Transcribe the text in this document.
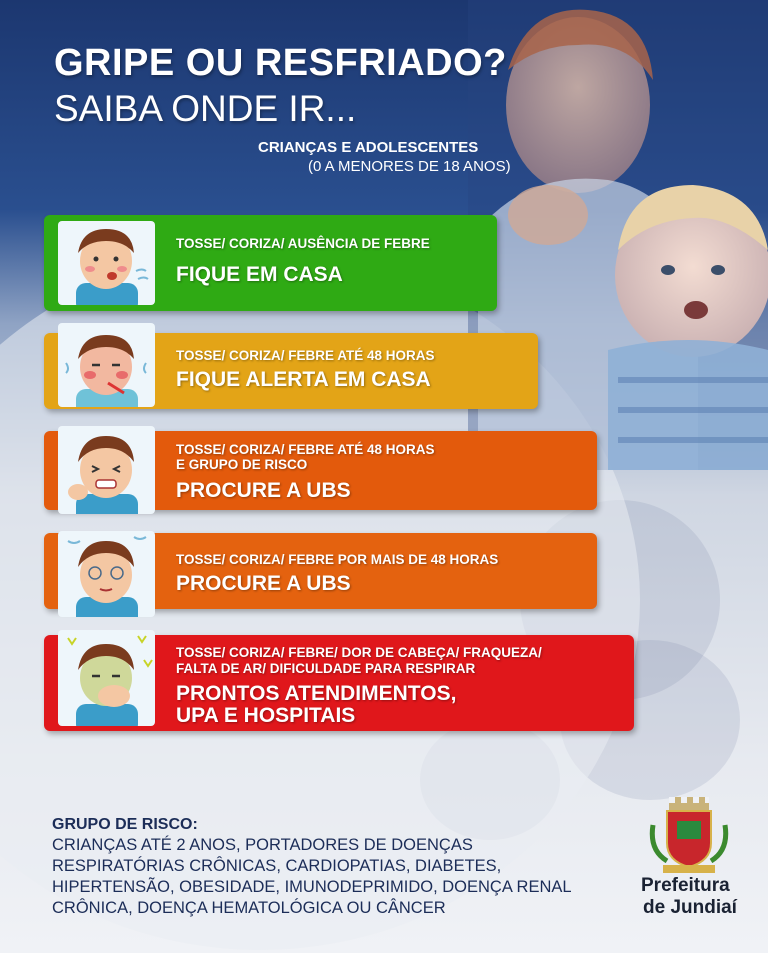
GRIPE OU RESFRIADO?
SAIBA ONDE IR...
CRIANÇAS E ADOLESCENTES
(0 A MENORES DE 18 ANOS)
TOSSE/ CORIZA/ AUSÊNCIA DE FEBRE
FIQUE EM CASA
TOSSE/ CORIZA/ FEBRE ATÉ 48 HORAS
FIQUE ALERTA EM CASA
TOSSE/ CORIZA/ FEBRE ATÉ 48 HORAS
E GRUPO DE RISCO
PROCURE A UBS
TOSSE/ CORIZA/ FEBRE POR MAIS DE 48 HORAS
PROCURE A UBS
TOSSE/ CORIZA/ FEBRE/ DOR DE CABEÇA/ FRAQUEZA/
FALTA DE AR/ DIFICULDADE PARA RESPIRAR
PRONTOS ATENDIMENTOS,
UPA E HOSPITAIS
GRUPO DE RISCO:
CRIANÇAS ATÉ 2 ANOS, PORTADORES DE DOENÇAS
RESPIRATÓRIAS CRÔNICAS, CARDIOPATIAS, DIABETES,
HIPERTENSÃO, OBESIDADE, IMUNODEPRIMIDO, DOENÇA RENAL
CRÔNICA, DOENÇA HEMATOLÓGICA OU CÂNCER
Prefeitura
de Jundiaí
